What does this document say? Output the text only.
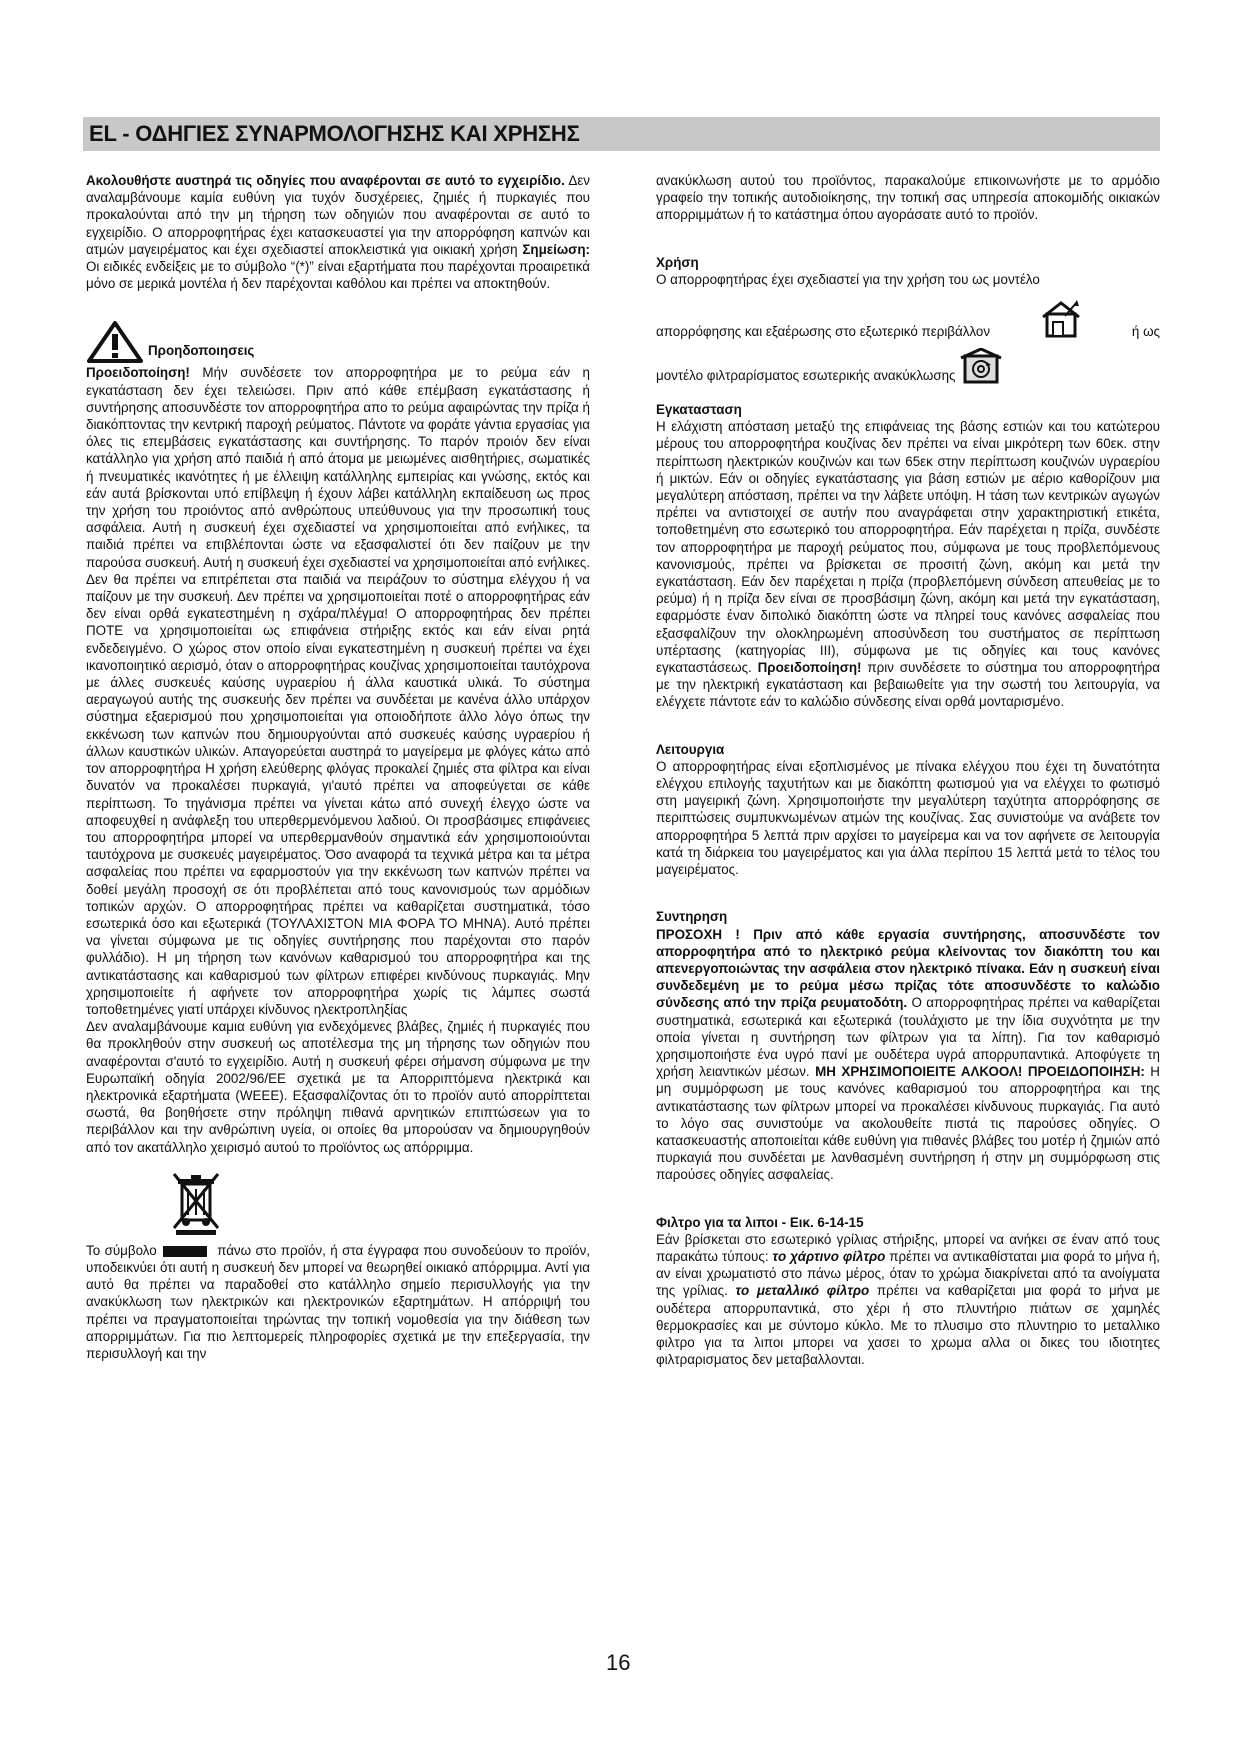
EL - ΟΔΗΓΙΕΣ ΣΥΝΑΡΜΟΛΟΓΗΣΗΣ ΚΑΙ ΧΡΗΣΗΣ

Ακολουθήστε αυστηρά τις οδηγίες που αναφέρονται σε αυτό το εγχειρίδιο. Δεν αναλαμβάνουμε καμία ευθύνη για τυχόν δυσχέρειες, ζημιές ή πυρκαγιές που προκαλούνται από την μη τήρηση των οδηγιών που αναφέρονται σε αυτό το εγχειρίδιο. Ο απορροφητήρας έχει κατασκευαστεί για την απορρόφηση καπνών και ατμών μαγειρέματος και έχει σχεδιαστεί αποκλειστικά για οικιακή χρήση Σημείωση: Οι ειδικές ενδείξεις με το σύμβολο “(*)” είναι εξαρτήματα που παρέχονται προαιρετικά μόνο σε μερικά μοντέλα ή δεν παρέχονται καθόλου και πρέπει να αποκτηθούν.

Προηδοποιησεις

Προειδοποίηση! Μήν συνδέσετε τον απορροφητήρα με το ρεύμα εάν η εγκατάσταση δεν έχει τελειώσει. Πριν από κάθε επέμβαση εγκατάστασης ή συντήρησης αποσυνδέστε τον απορροφητήρα απο το ρεύμα αφαιρώντας την πρίζα ή διακόπτοντας την κεντρική παροχή ρεύματος. Πάντοτε να φοράτε γάντια εργασίας για όλες τις επεμβάσεις εγκατάστασης και συντήρησης. Το παρόν προιόν δεν είναι κατάλληλο για χρήση από παιδιά ή από άτομα με μειωμένες αισθητήριες, σωματικές ή πνευματικές ικανότητες ή με έλλειψη κατάλληλης εμπειρίας και γνώσης, εκτός και εάν αυτά βρίσκονται υπό επίβλεψη ή έχουν λάβει κατάλληλη εκπαίδευση ως προς την χρήση του προιόντος από ανθρώπους υπεύθυνους για την προσωπική τους ασφάλεια. Αυτή η συσκευή έχει σχεδιαστεί να χρησιμοποιείται από ενήλικες, τα παιδιά πρέπει να επιβλέπονται ώστε να εξασφαλιστεί ότι δεν παίζουν με την παρούσα συσκευή. Αυτή η συσκευή έχει σχεδιαστεί να χρησιμοποιείται από ενήλικες. Δεν θα πρέπει να επιτρέπεται στα παιδιά να πειράζουν το σύστημα ελέγχου ή να παίζουν με την συσκευή. Δεν πρέπει να χρησιμοποιείται ποτέ ο απορροφητήρας εάν δεν είναι ορθά εγκατεστημένη η σχάρα/πλέγμα! Ο απορροφητήρας δεν πρέπει ΠΟΤΕ να χρησιμοποιείται ως επιφάνεια στήριξης εκτός και εάν είναι ρητά ενδεδειγμένο. Ο χώρος στον οποίο είναι εγκατεστημένη η συσκευή πρέπει να έχει ικανοποιητικό αερισμό, όταν ο απορροφητήρας κουζίνας χρησιμοποιείται ταυτόχρονα με άλλες συσκευές καύσης υγραερίου ή άλλα καυστικά υλικά. Το σύστημα αεραγωγού αυτής της συσκευής δεν πρέπει να συνδέεται με κανένα άλλο υπάρχον σύστημα εξαερισμού που χρησιμοποιείται για οποιοδήποτε άλλο λόγο όπως την εκκένωση των καπνών που δημιουργούνται από συσκευές καύσης υγραερίου ή άλλων καυστικών υλικών. Απαγορεύεται αυστηρά το μαγείρεμα με φλόγες κάτω από τον απορροφητήρα Η χρήση ελεύθερης φλόγας προκαλεί ζημιές στα φίλτρα και είναι δυνατόν να προκαλέσει πυρκαγιά, γι'αυτό πρέπει να αποφεύγεται σε κάθε περίπτωση. Το τηγάνισμα πρέπει να γίνεται κάτω από συνεχή έλεγχο ώστε να αποφευχθεί η ανάφλεξη του υπερθερμενόμενου λαδιού. Οι προσβάσιμες επιφάνειες του απορροφητήρα μπορεί να υπερθερμανθούν σημαντικά εάν χρησιμοποιούνται ταυτόχρονα με συσκευές μαγειρέματος. Όσο αναφορά τα τεχνικά μέτρα και τα μέτρα ασφαλείας που πρέπει να εφαρμοστούν για την εκκένωση των καπνών πρέπει να δοθεί μεγάλη προσοχή σε ότι προβλέπεται από τους κανονισμούς των αρμόδιων τοπικών αρχών. Ο απορροφητήρας πρέπει να καθαρίζεται συστηματικά, τόσο εσωτερικά όσο και εξωτερικά (ΤΟΥΛΑΧΙΣΤΟΝ ΜΙΑ ΦΟΡΑ ΤΟ ΜΗΝΑ). Αυτό πρέπει να γίνεται σύμφωνα με τις οδηγίες συντήρησης που παρέχονται στο παρόν φυλλάδιο). Η μη τήρηση των κανόνων καθαρισμού του απορροφητήρα και της αντικατάστασης και καθαρισμού των φίλτρων επιφέρει κινδύνους πυρκαγιάς. Μην χρησιμοποιείτε ή αφήνετε τον απορροφητήρα χωρίς τις λάμπες σωστά τοποθετημένες γιατί υπάρχει κίνδυνος ηλεκτροπληξίας

Δεν αναλαμβάνουμε καμια ευθύνη για ενδεχόμενες βλάβες, ζημιές ή πυρκαγιές που θα προκληθούν στην συσκευή ως αποτέλεσμα της μη τήρησης των οδηγιών που αναφέρονται σ'αυτό το εγχειρίδιο. Αυτή η συσκευή φέρει σήμανση σύμφωνα με την Ευρωπαϊκή οδηγία 2002/96/ΕΕ σχετικά με τα Απορριπτόμενα ηλεκτρικά και ηλεκτρονικά εξαρτήματα (WEEE). Εξασφαλίζοντας ότι το προϊόν αυτό απορρίπτεται σωστά, θα βοηθήσετε στην πρόληψη πιθανά αρνητικών επιπτώσεων για το περιβάλλον και την ανθρώπινη υγεία, οι οποίες θα μπορούσαν να δημιουργηθούν από τον ακατάλληλο χειρισμό αυτού το προϊόντος ως απόρριμμα.

Το σύμβολο	πάνω στο προϊόν, ή στα έγγραφα που συνοδεύουν το προϊόν, υποδεικνύει ότι αυτή η συσκευή δεν μπορεί να θεωρηθεί οικιακό απόρριμμα. Αντί για αυτό θα πρέπει να παραδοθεί στο κατάλληλο σημείο περισυλλογής για την ανακύκλωση των ηλεκτρικών και ηλεκτρονικών εξαρτημάτων. Η απόρριψή του πρέπει να πραγματοποιείται τηρώντας την τοπική νομοθεσία για την διάθεση των απορριμμάτων. Για πιο λεπτομερείς πληροφορίες σχετικά με την επεξεργασία, την περισυλλογή και την

ανακύκλωση αυτού του προϊόντος, παρακαλούμε επικοινωνήστε με το αρμόδιο γραφείο την τοπικής αυτοδιοίκησης, την τοπική σας υπηρεσία αποκομιδής οικιακών απορριμμάτων ή το κατάστημα όπου αγοράσατε αυτό το προϊόν.

Χρήση

Ο απορροφητήρας έχει σχεδιαστεί για την χρήση του ως μοντέλο

απορρόφησης και εξαέρωσης στο εξωτερικό περιβάλλον	ή ως
μοντέλο φιλτραρίσματος εσωτερικής ανακύκλωσης

Εγκατασταση

Η ελάχιστη απόσταση μεταξύ της επιφάνειας της βάσης εστιών και του κατώτερου μέρους του απορροφητήρα κουζίνας δεν πρέπει να είναι μικρότερη των 60εκ. στην περίπτωση ηλεκτρικών κουζινών και των 65εκ στην περίπτωση κουζινών υγραερίου ή μικτών. Εάν οι οδηγίες εγκατάστασης για βάση εστιών με αέριο καθορίζουν μια μεγαλύτερη απόσταση, πρέπει να την λάβετε υπόψη. Η τάση των κεντρικών αγωγών πρέπει να αντιστοιχεί σε αυτήν που αναγράφεται στην χαρακτηριστική ετικέτα, τοποθετημένη στο εσωτερικό του απορροφητήρα. Εάν παρέχεται η πρίζα, συνδέστε τον απορροφητήρα με παροχή ρεύματος που, σύμφωνα με τους προβλεπόμενους κανονισμούς, πρέπει να βρίσκεται σε προσιτή ζώνη, ακόμη και μετά την εγκατάσταση. Εάν δεν παρέχεται η πρίζα (προβλεπόμενη σύνδεση απευθείας με το ρεύμα) ή η πρίζα δεν είναι σε προσβάσιμη ζώνη, ακόμη και μετά την εγκατάσταση, εφαρμόστε έναν διπολικό διακόπτη ώστε να πληρεί τους κανόνες ασφαλείας που εξασφαλίζουν την ολοκληρωμένη αποσύνδεση του συστήματος σε περίπτωση υπέρτασης (κατηγορίας ΙΙΙ), σύμφωνα με τις οδηγίες και τους κανόνες εγκαταστάσεως. Προειδοποίηση! πριν συνδέσετε το σύστημα του απορροφητήρα με την ηλεκτρική εγκατάσταση και βεβαιωθείτε για την σωστή του λειτουργία, να ελέγχετε πάντοτε εάν το καλώδιο σύνδεσης είναι ορθά μονταρισμένο.

Λειτουργια

Ο απορροφητήρας είναι εξοπλισμένος με πίνακα ελέγχου που έχει τη δυνατότητα ελέγχου επιλογής ταχυτήτων και με διακόπτη φωτισμού για να ελέγχει το φωτισμό στη μαγειρική ζώνη. Χρησιμοποιήστε την μεγαλύτερη ταχύτητα απορρόφησης σε περιπτώσεις συμπυκνωμένων ατμών της κουζίνας. Σας συνιστούμε να ανάβετε τον απορροφητήρα 5 λεπτά πριν αρχίσει το μαγείρεμα και να τον αφήνετε σε λειτουργία κατά τη διάρκεια του μαγειρέματος και για άλλα περίπου 15 λεπτά μετά το τέλος του μαγειρέματος.

Συντηρηση

ΠΡΟΣΟΧΗ ! Πριν από κάθε εργασία συντήρησης, αποσυνδέστε τον απορροφητήρα από το ηλεκτρικό ρεύμα κλείνοντας τον διακόπτη του και απενεργοποιώντας την ασφάλεια στον ηλεκτρικό πίνακα. Εάν η συσκευή είναι συνδεδεμένη με το ρεύμα μέσω πρίζας τότε αποσυνδέστε το καλώδιο σύνδεσης από την πρίζα ρευματοδότη. Ο απορροφητήρας πρέπει να καθαρίζεται συστηματικά, εσωτερικά και εξωτερικά (τουλάχιστο με την ίδια συχνότητα με την οποία γίνεται η συντήρηση των φίλτρων για τα λίπη). Για τον καθαρισμό χρησιμοποιήστε ένα υγρό πανί με ουδέτερα υγρά απορρυπαντικά. Αποφύγετε τη χρήση λειαντικών μέσων. ΜΗ ΧΡΗΣΙΜΟΠΟΙΕΙΤΕ ΑΛΚΟΟΛ! ΠΡΟΕΙΔΟΠΟΙΗΣΗ: Η μη συμμόρφωση με τους κανόνες καθαρισμού του απορροφητήρα και της αντικατάστασης των φίλτρων μπορεί να προκαλέσει κίνδυνους πυρκαγιάς. Για αυτό το λόγο σας συνιστούμε να ακολουθείτε πιστά τις παρούσες οδηγίες. Ο κατασκευαστής αποποιείται κάθε ευθύνη για πιθανές βλάβες του μοτέρ ή ζημιών από πυρκαγιά που συνδέεται με λανθασμένη συντήρηση ή στην μη συμμόρφωση στις παρούσες οδηγίες ασφαλείας.

Φιλτρο για τα λιποι - Εικ. 6-14-15

Εάν βρίσκεται στο εσωτερικό γρίλιας στήριξης, μπορεί να ανήκει σε έναν από τους παρακάτω τύπους: το χάρτινο φίλτρο πρέπει να αντικαθίσταται μια φορά το μήνα ή, αν είναι χρωματιστό στο πάνω μέρος, όταν το χρώμα διακρίνεται από τα ανοίγματα της γρίλιας. το μεταλλικό φίλτρο πρέπει να καθαρίζεται μια φορά το μήνα με ουδέτερα απορρυπαντικά, στο χέρι ή στο πλυντήριο πιάτων σε χαμηλές θερμοκρασίες και με σύντομο κύκλο. Με το πλυσιμο στο πλυντηριο το μεταλλικο φιλτρο για τα λιποι μπορει να χασει το χρωμα αλλα οι δικες του ιδιοτητες φιλτραρισματος δεν μεταβαλλονται.

16
